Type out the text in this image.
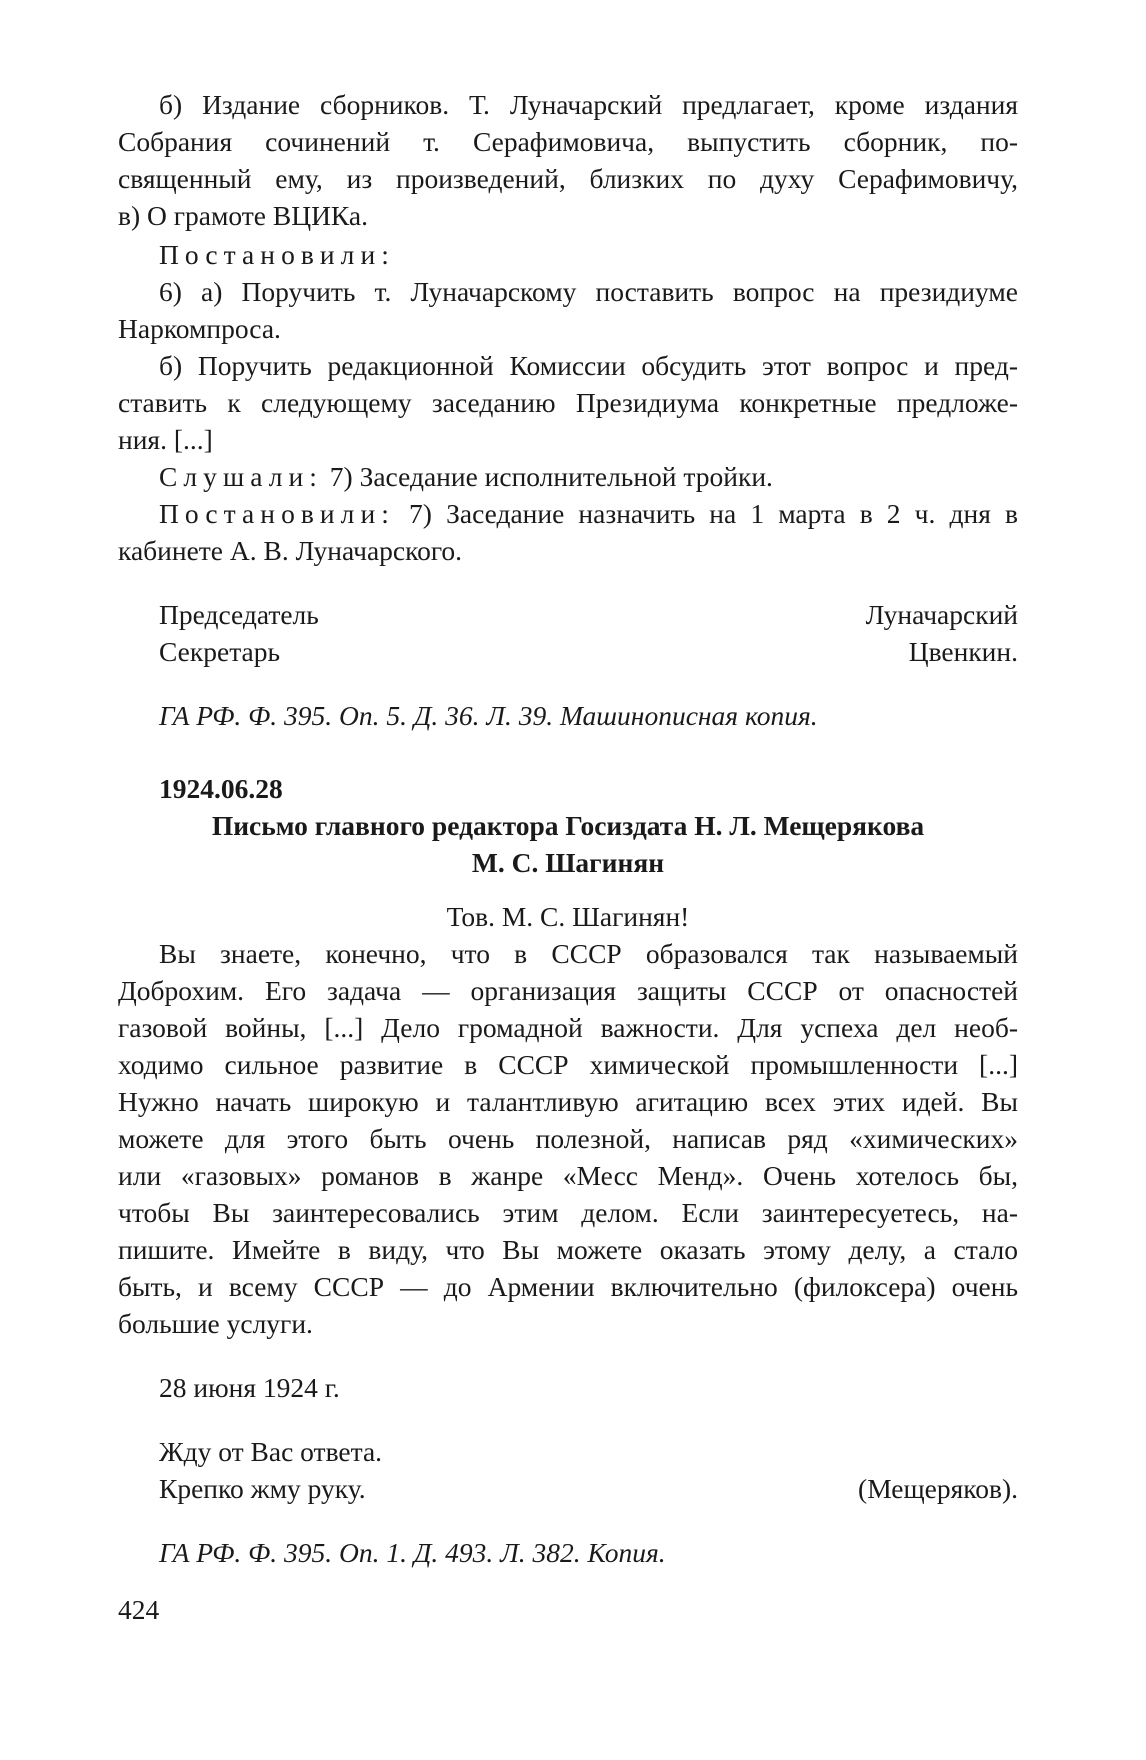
б) Издание сборников. Т. Луначарский предлагает, кроме издания

Собрания сочинений т. Серафимовича, выпустить сборник, по-

священный ему, из произведений, близких по духу Серафимовичу,

в) О грамоте ВЦИКа.

Постановили:

6) а) Поручить т. Луначарскому поставить вопрос на президиуме

Наркомпроса.

б) Поручить редакционной Комиссии обсудить этот вопрос и пред-

ставить к следующему заседанию Президиума конкретные предложе-

ния. [...]

Слушали: 7) Заседание исполнительной тройки.

Постановили: 7) Заседание назначить на 1 марта в 2 ч. дня в

кабинете А. В. Луначарского.

Председатель	Луначарский
Секретарь	Цвенкин.

ГА РФ. Ф. 395. Оп. 5. Д. 36. Л. 39. Машинописная копия.

1924.06.28

Письмо главного редактора Госиздата Н. Л. Мещерякова

М. С. Шагинян

Тов. М. С. Шагинян!

Вы знаете, конечно, что в СССР образовался так называемый

Доброхим. Его задача — организация защиты СССР от опасностей

газовой войны, [...] Дело громадной важности. Для успеха дел необ-

ходимо сильное развитие в СССР химической промышленности [...]

Нужно начать широкую и талантливую агитацию всех этих идей. Вы

можете для этого быть очень полезной, написав ряд «химических»

или «газовых» романов в жанре «Месс Менд». Очень хотелось бы,

чтобы Вы заинтересовались этим делом. Если заинтересуетесь, на-

пишите. Имейте в виду, что Вы можете оказать этому делу, а стало

быть, и всему СССР — до Армении включительно (филоксера) очень

большие услуги.

28 июня 1924 г.

Жду от Вас ответа.

Крепко жму руку.	(Мещеряков).

ГА РФ. Ф. 395. Оп. 1. Д. 493. Л. 382. Копия.

424
